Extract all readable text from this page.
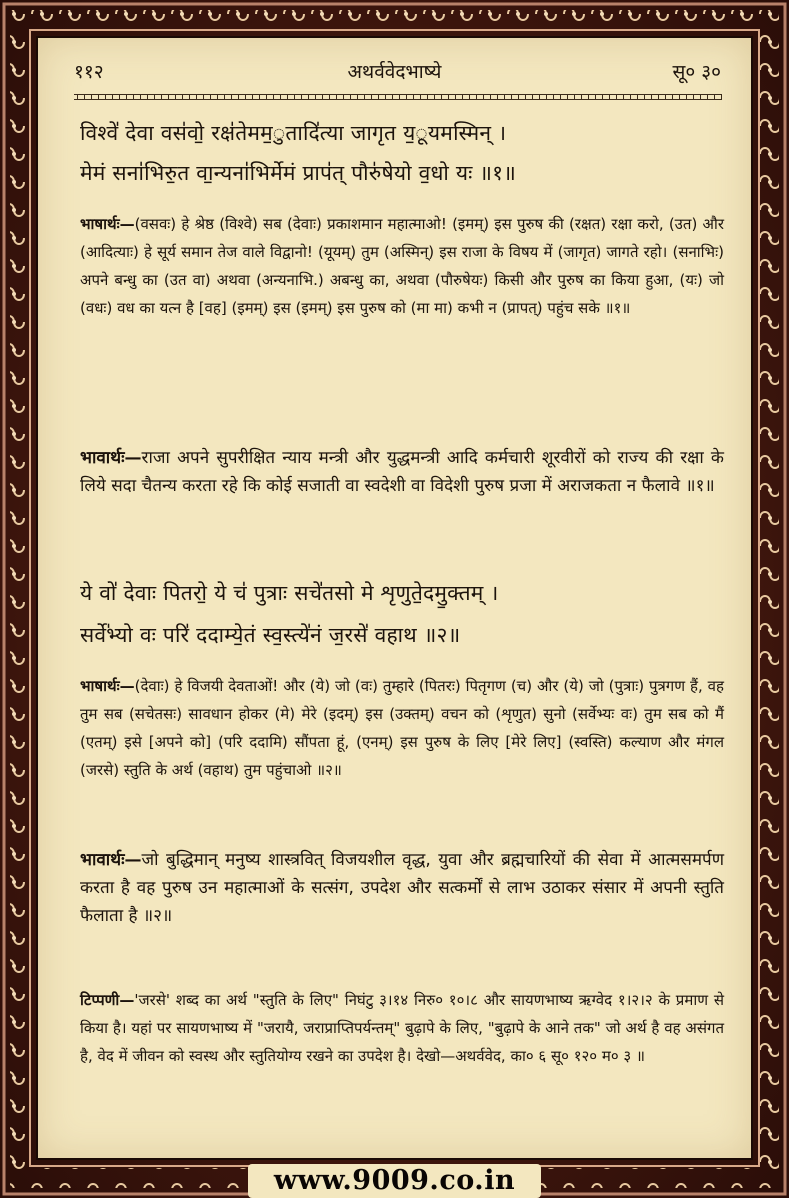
११२	अथर्ववेदभाष्ये	सू० ३०
विश्वे॑ देवा वस॑वो॒ रक्ष॑तेमम॒ुतादि॑त्या जागृत य॒ूयमस्मिन् ।
मेमं सना॑भिरु॒त वा॒न्यना॑भिर्मेमं प्राप॑त् पौरु॑षेयो व॒धो यः ॥१॥
भाषार्थः—(वसवः) हे श्रेष्ठ (विश्वे) सब (देवाः) प्रकाशमान महात्माओ! (इमम्) इस पुरुष की (रक्षत) रक्षा करो, (उत) और (आदित्याः) हे सूर्य समान तेज वाले विद्वानो! (यूयम्) तुम (अस्मिन्) इस राजा के विषय में (जागृत) जागते रहो। (सनाभिः) अपने बन्धु का (उत वा) अथवा (अन्यनाभि.) अबन्धु का, अथवा (पौरुषेयः) किसी और पुरुष का किया हुआ, (यः) जो (वधः) वध का यत्न है [वह] (इमम्) इस (इमम्) इस पुरुष को (मा मा) कभी न (प्रापत्) पहुंच सके ॥१॥
भावार्थः—राजा अपने सुपरीक्षित न्याय मन्त्री और युद्धमन्त्री आदि कर्मचारी शूरवीरों को राज्य की रक्षा के लिये सदा चैतन्य करता रहे कि कोई सजाती वा स्वदेशी वा विदेशी पुरुष प्रजा में अराजकता न फैलावे ॥१॥
ये वो॑ देवाः पितरो॒ ये च॑ पुत्राः सचे॑तसो मे शृणुते॒दमु॒क्तम् ।
सर्वे॑भ्यो वः परि॑ ददाम्ये॒तं स्व॒स्त्ये॑नं ज॒रसे॑ वहाथ ॥२॥
भाषार्थः—(देवाः) हे विजयी देवताओं! और (ये) जो (वः) तुम्हारे (पितरः) पितृगण (च) और (ये) जो (पुत्राः) पुत्रगण हैं, वह तुम सब (सचेतसः) सावधान होकर (मे) मेरे (इदम्) इस (उक्तम्) वचन को (शृणुत) सुनो (सर्वेभ्यः वः) तुम सब को मैं (एतम्) इसे [अपने को] (परि ददामि) सौंपता हूं, (एनम्) इस पुरुष के लिए [मेरे लिए] (स्वस्ति) कल्याण और मंगल (जरसे) स्तुति के अर्थ (वहाथ) तुम पहुंचाओ ॥२॥
भावार्थः—जो बुद्धिमान् मनुष्य शास्त्रवित् विजयशील वृद्ध, युवा और ब्रह्मचारियों की सेवा में आत्मसमर्पण करता है वह पुरुष उन महात्माओं के सत्संग, उपदेश और सत्कर्मों से लाभ उठाकर संसार में अपनी स्तुति फैलाता है ॥२॥
टिप्पणी—'जरसे' शब्द का अर्थ "स्तुति के लिए" निघंटु ३।१४ निरु० १०।८ और सायणभाष्य ऋग्वेद १।२।२ के प्रमाण से किया है। यहां पर सायणभाष्य में "जरायै, जराप्राप्तिपर्यन्तम्" बुढ़ापे के लिए, "बुढ़ापे के आने तक" जो अर्थ है वह असंगत है, वेद में जीवन को स्वस्थ और स्तुतियोग्य रखने का उपदेश है। देखो—अथर्ववेद, का० ६ सू० १२० म० ३ ॥
www.9009.co.in
